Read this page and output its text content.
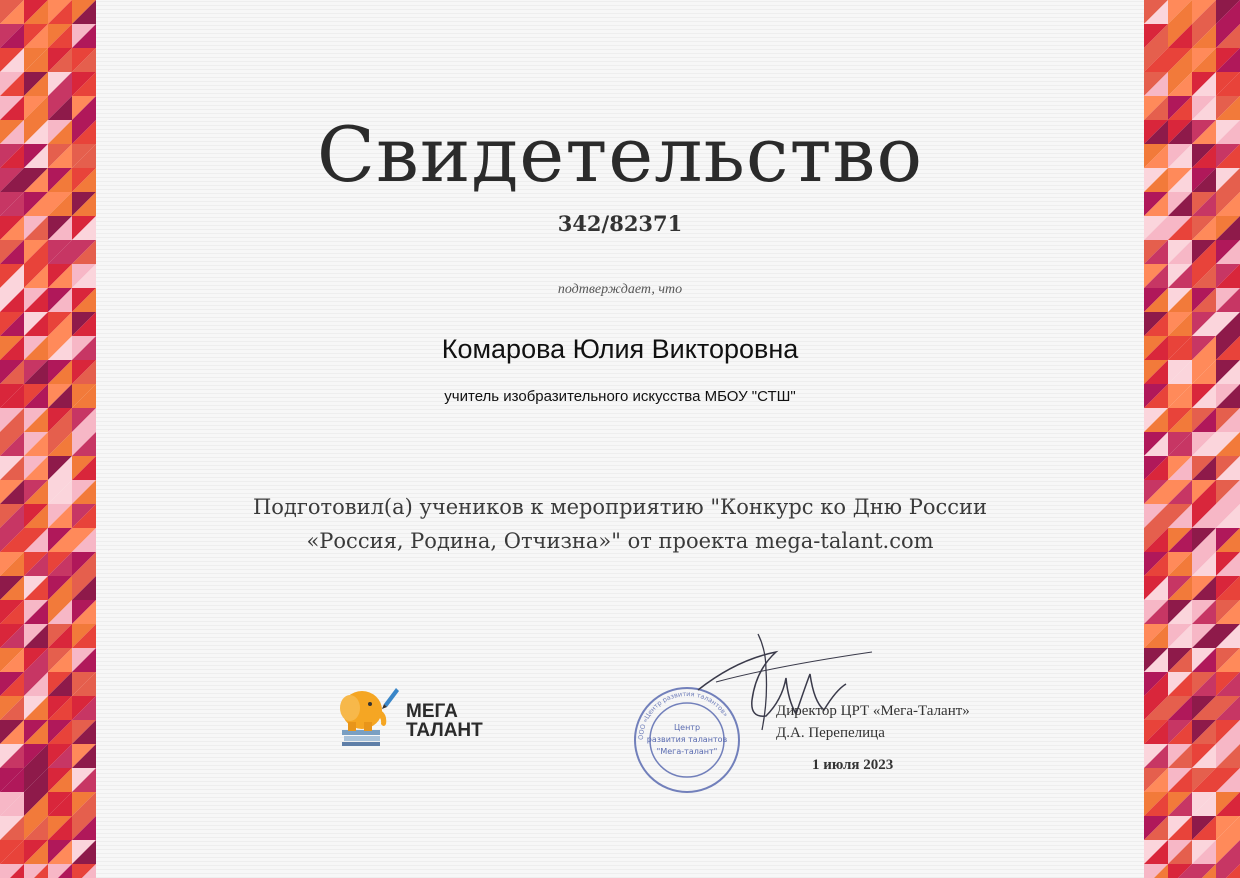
Свидетельство
342/82371
подтверждает, что
Комарова Юлия Викторовна
учитель изобразительного искусства МБОУ "СТШ"
Подготовил(а) учеников к мероприятию "Конкурс ко Дню России
«Россия, Родина, Отчизна»" от проекта mega-talant.com
МЕГА
ТАЛАНТ	ООО «Центр развития талантов»
Центр
развития талантов
"Мега-талант"
Директор ЦРТ «Мега-Талант»
Д.А. Перепелица
1 июля 2023
